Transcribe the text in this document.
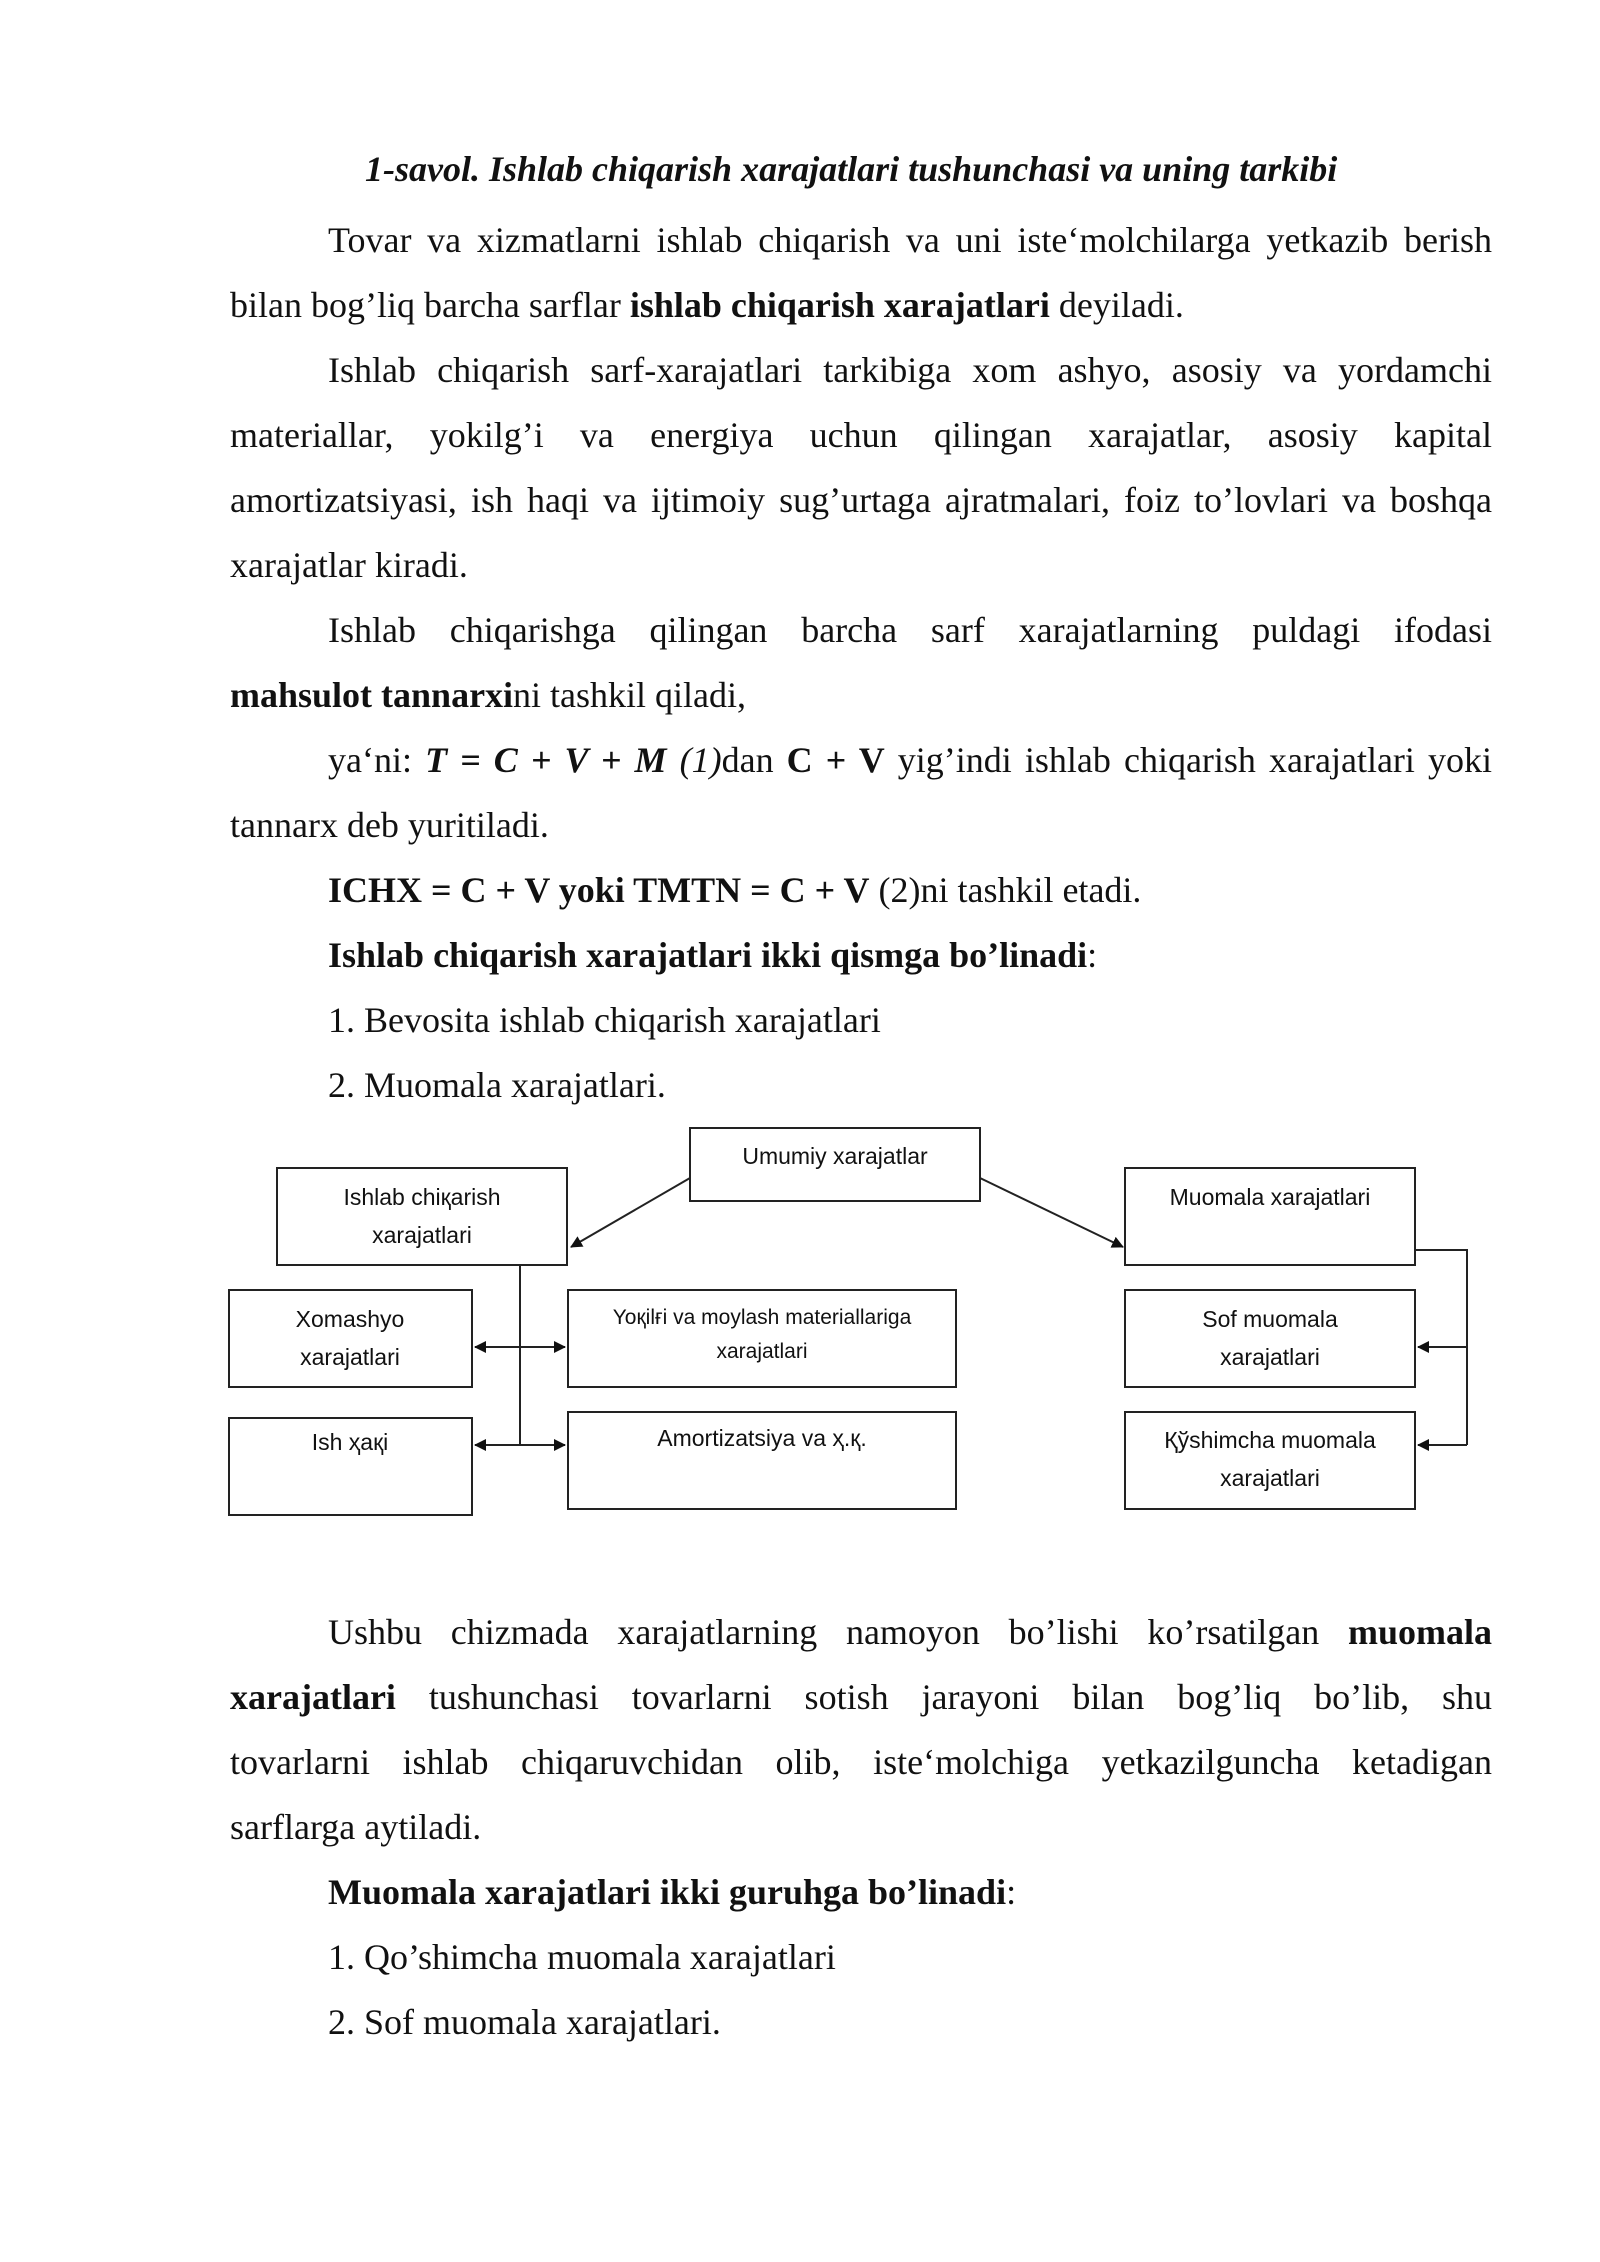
1-savol. Ishlab chiqarish xarajatlari tushunchasi va uning tarkibi
Tovar va xizmatlarni ishlab chiqarish va uni iste‘molchilarga yetkazib berish
bilan bog’liq barcha sarflar ishlab chiqarish xarajatlari deyiladi.
Ishlab chiqarish sarf-xarajatlari tarkibiga xom ashyo, asosiy va yordamchi materiallar, yokilg’i va energiya uchun qilingan xarajatlar, asosiy kapital amortizatsiyasi, ish haqi va ijtimoiy sug’urtaga ajratmalari, foiz to’lovlari va boshqa xarajatlar kiradi.
Ishlab chiqarishga qilingan barcha sarf xarajatlarning puldagi ifodasi
mahsulot tannarxini tashkil qiladi,
ya‘ni: T = C + V + M (1)dan C + V yig’indi ishlab chiqarish xarajatlari yoki
tannarx deb yuritiladi.
ICHX = C + V yoki TMTN = C + V (2)ni tashkil etadi.
Ishlab chiqarish xarajatlari ikki qismga bo’linadi:
1. Bevosita ishlab chiqarish xarajatlari
2. Muomala xarajatlari.
Umumiy xarajatlar
Ishlab chiқarish
xarajatlari
Muomala xarajatlari
Xomashyo
xarajatlari
Yoқilғi va moylash materiallariga
xarajatlari
Sof muomala
xarajatlari
Ish ҳақi	Amortizatsiya va ҳ.қ.	Қўshimcha muomala
xarajatlari
Ushbu chizmada xarajatlarning namoyon bo’lishi ko’rsatilgan muomala
xarajatlari tushunchasi tovarlarni sotish jarayoni bilan bog’liq bo’lib, shu
tovarlarni ishlab chiqaruvchidan olib, iste‘molchiga yetkazilguncha ketadigan
sarflarga aytiladi.
Muomala xarajatlari ikki guruhga bo’linadi:
1. Qo’shimcha muomala xarajatlari
2. Sof muomala xarajatlari.
